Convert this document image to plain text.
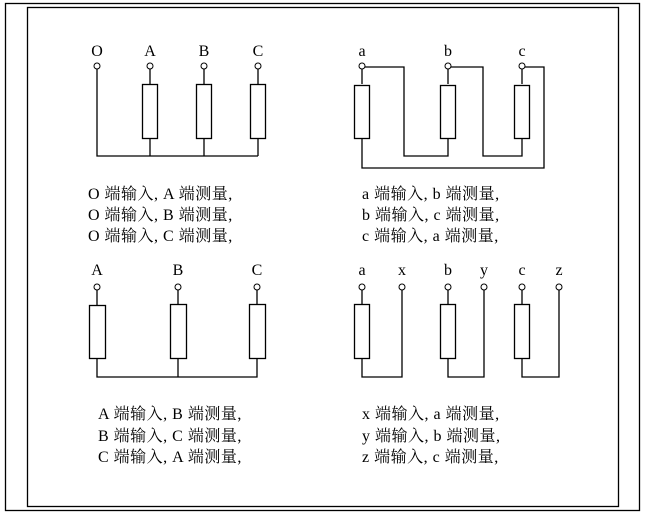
O	A	B	C
O 端输入, A 端测量,
O 端输入, B 端测量,
O 端输入, C 端测量,
a	b	c
a 端输入, b 端测量,
b 端输入, c 端测量,
c 端输入, a 端测量,
A	B	C
A 端输入, B 端测量,
B 端输入, C 端测量,
C 端输入, A 端测量,
a x b y c z
x 端输入, a 端测量,
y 端输入, b 端测量,
z 端输入, c 端测量,
